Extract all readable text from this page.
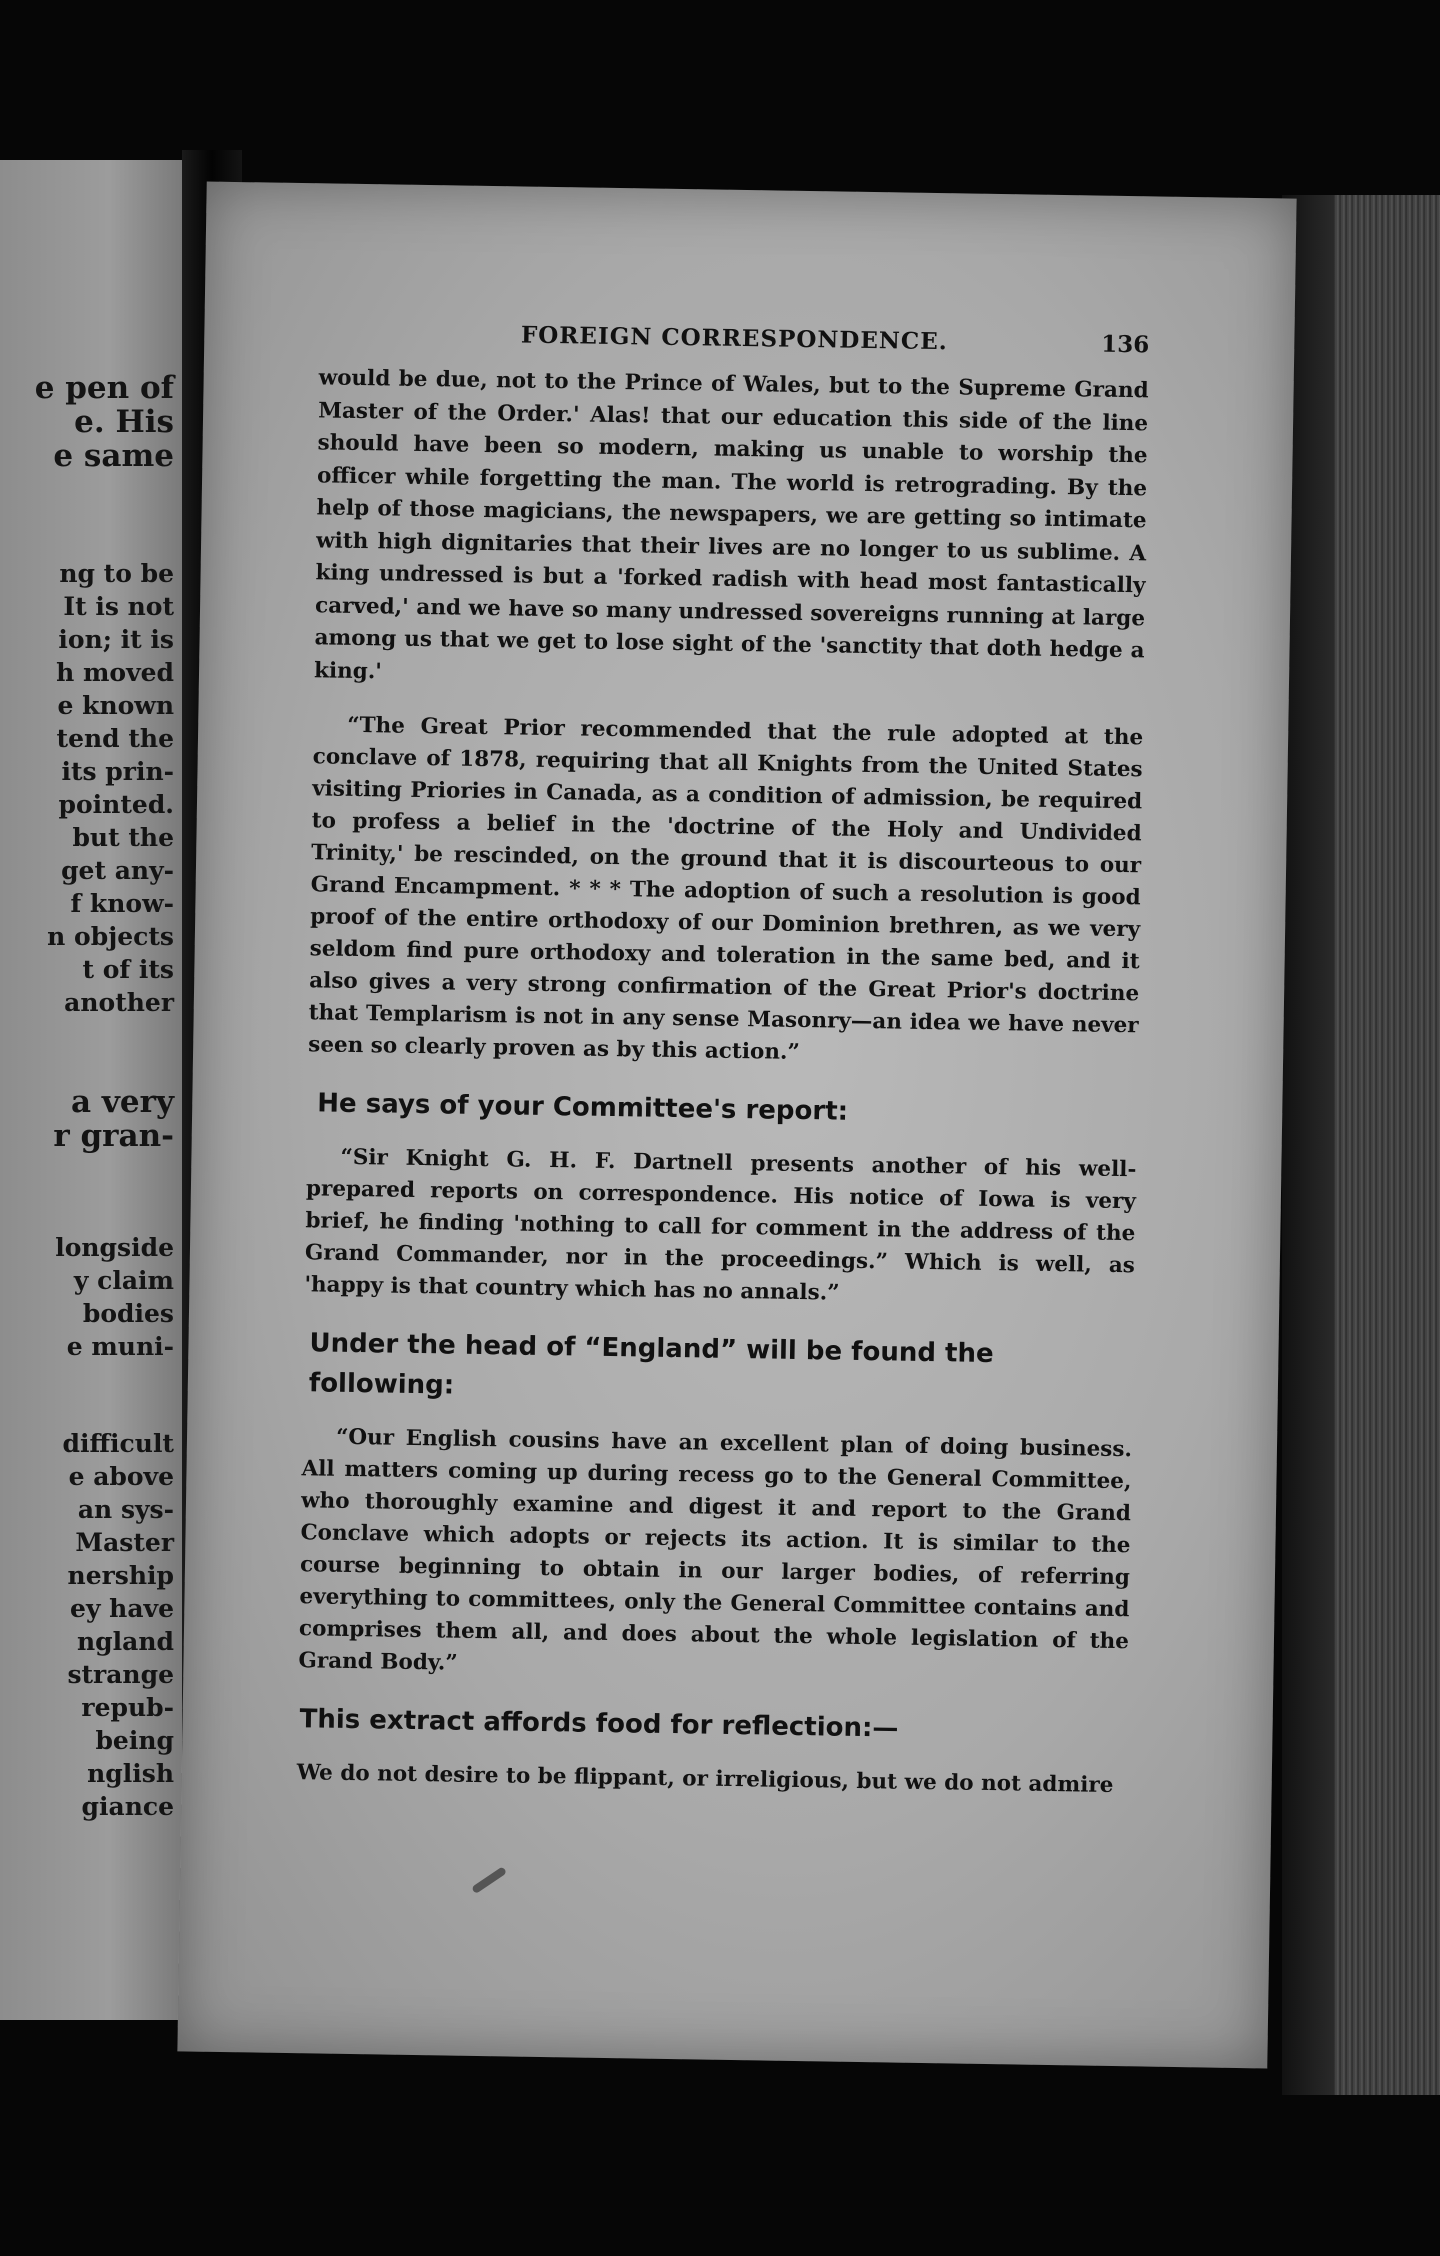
e pen of
e. His
e same
ng to be
It is not
ion; it is
h moved
e known
tend the
its prin-
pointed.
but the
get any-
f know-
n objects
t of its
another
a very
r gran-
longside
y claim
bodies
e muni-
difficult
e above
an sys-
Master
nership
ey have
ngland
strange
repub-
being
nglish
giance
FOREIGN CORRESPONDENCE.	136

would be due, not to the Prince of Wales, but to the Supreme Grand Master of the Order.' Alas! that our education this side of the line should have been so modern, making us unable to worship the officer while forgetting the man. The world is retrograding. By the help of those magicians, the newspapers, we are getting so intimate with high dignitaries that their lives are no longer to us sublime. A king undressed is but a 'forked radish with head most fantastically carved,' and we have so many undressed sovereigns running at large among us that we get to lose sight of the 'sanctity that doth hedge a king.'

“The Great Prior recommended that the rule adopted at the conclave of 1878, requiring that all Knights from the United States visiting Priories in Canada, as a condition of admission, be required to profess a belief in the 'doctrine of the Holy and Undivided Trinity,' be rescinded, on the ground that it is discourteous to our Grand Encampment. * * * The adoption of such a resolution is good proof of the entire orthodoxy of our Dominion brethren, as we very seldom find pure orthodoxy and toleration in the same bed, and it also gives a very strong confirmation of the Great Prior's doctrine that Templarism is not in any sense Masonry—an idea we have never seen so clearly proven as by this action.”

He says of your Committee's report:

“Sir Knight G. H. F. Dartnell presents another of his well-prepared reports on correspondence. His notice of Iowa is very brief, he finding 'nothing to call for comment in the address of the Grand Commander, nor in the proceedings.” Which is well, as 'happy is that country which has no annals.”

Under the head of “England” will be found the following:

“Our English cousins have an excellent plan of doing business. All matters coming up during recess go to the General Committee, who thoroughly examine and digest it and report to the Grand Conclave which adopts or rejects its action. It is similar to the course beginning to obtain in our larger bodies, of referring everything to committees, only the General Committee contains and comprises them all, and does about the whole legislation of the Grand Body.”

This extract affords food for reflection:—

We do not desire to be flippant, or irreligious, but we do not admire
